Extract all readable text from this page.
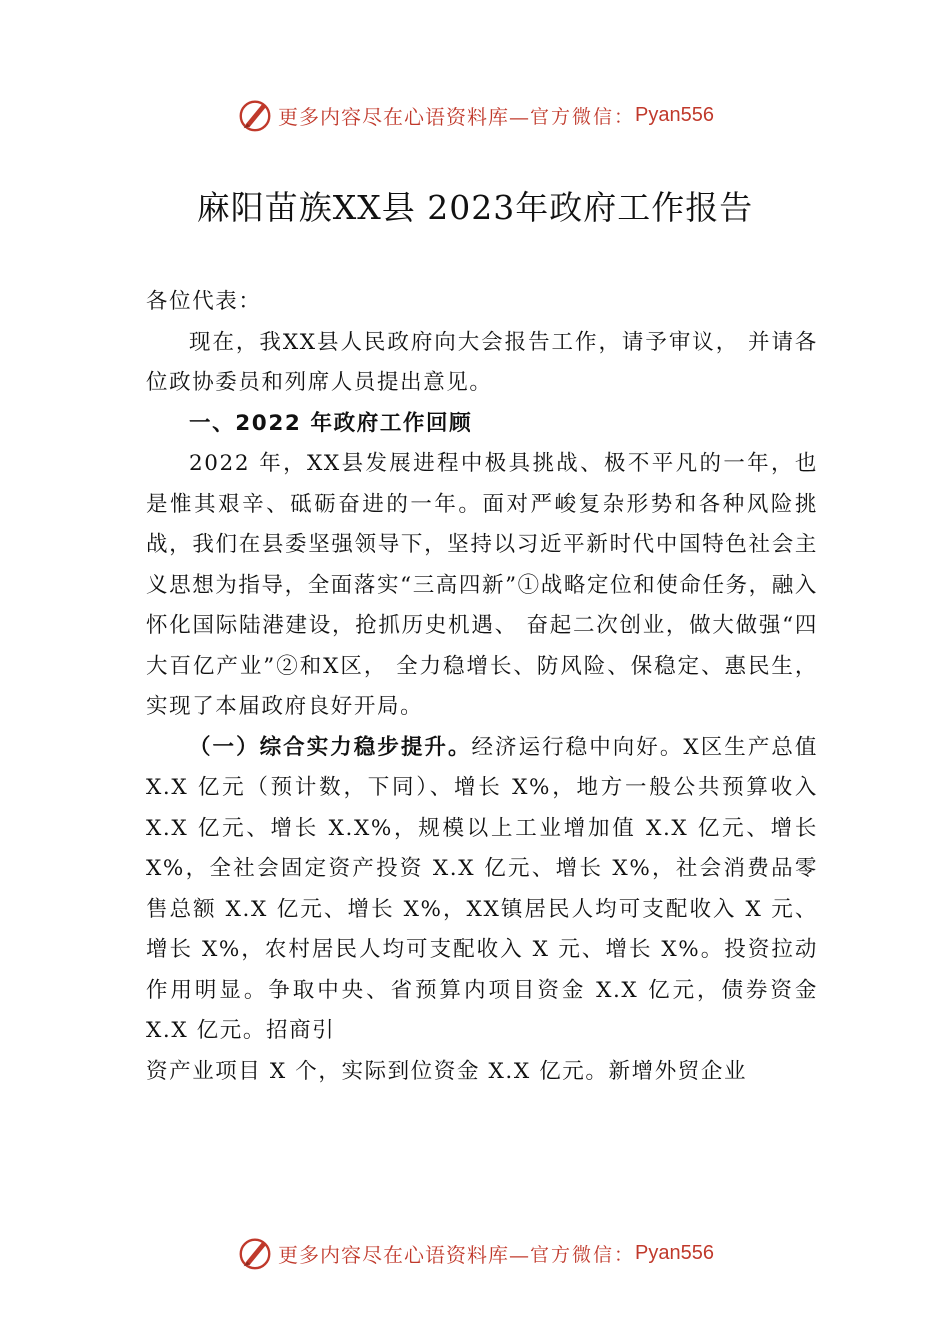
更多内容尽在心语资料库— 官方微信： Pyan556
麻阳苗族XX县 2023年政府工作报告

各位代表：

现在，我XX县人民政府向大会报告工作，请予审议， 并请各位政协委员和列席人员提出意见。

一、2022 年政府工作回顾

2022 年，XX县发展进程中极具挑战、极不平凡的一年，也是惟其艰辛、砥砺奋进的一年。面对严峻复杂形势和各种风险挑战，我们在县委坚强领导下，坚持以习近平新时代中国特色社会主义思想为指导，全面落实“三高四新”①战略定位和使命任务，融入怀化国际陆港建设，抢抓历史机遇、 奋起二次创业，做大做强“四大百亿产业”②和X区， 全力稳增长、防风险、保稳定、惠民生，实现了本届政府良好开局。

（一）综合实力稳步提升。经济运行稳中向好。X区生产总值 X.X 亿元（预计数，下同）、增长 X%，地方一般公共预算收入 X.X 亿元、增长 X.X%，规模以上工业增加值 X.X 亿元、增长 X%，全社会固定资产投资 X.X 亿元、增长 X%，社会消费品零售总额 X.X 亿元、增长 X%，XX镇居民人均可支配收入 X 元、增长 X%，农村居民人均可支配收入 X 元、增长 X%。投资拉动作用明显。争取中央、省预算内项目资金 X.X 亿元，债券资金 X.X 亿元。招商引

资产业项目 X 个，实际到位资金 X.X 亿元。新增外贸企业

更多内容尽在心语资料库— 官方微信： Pyan556
